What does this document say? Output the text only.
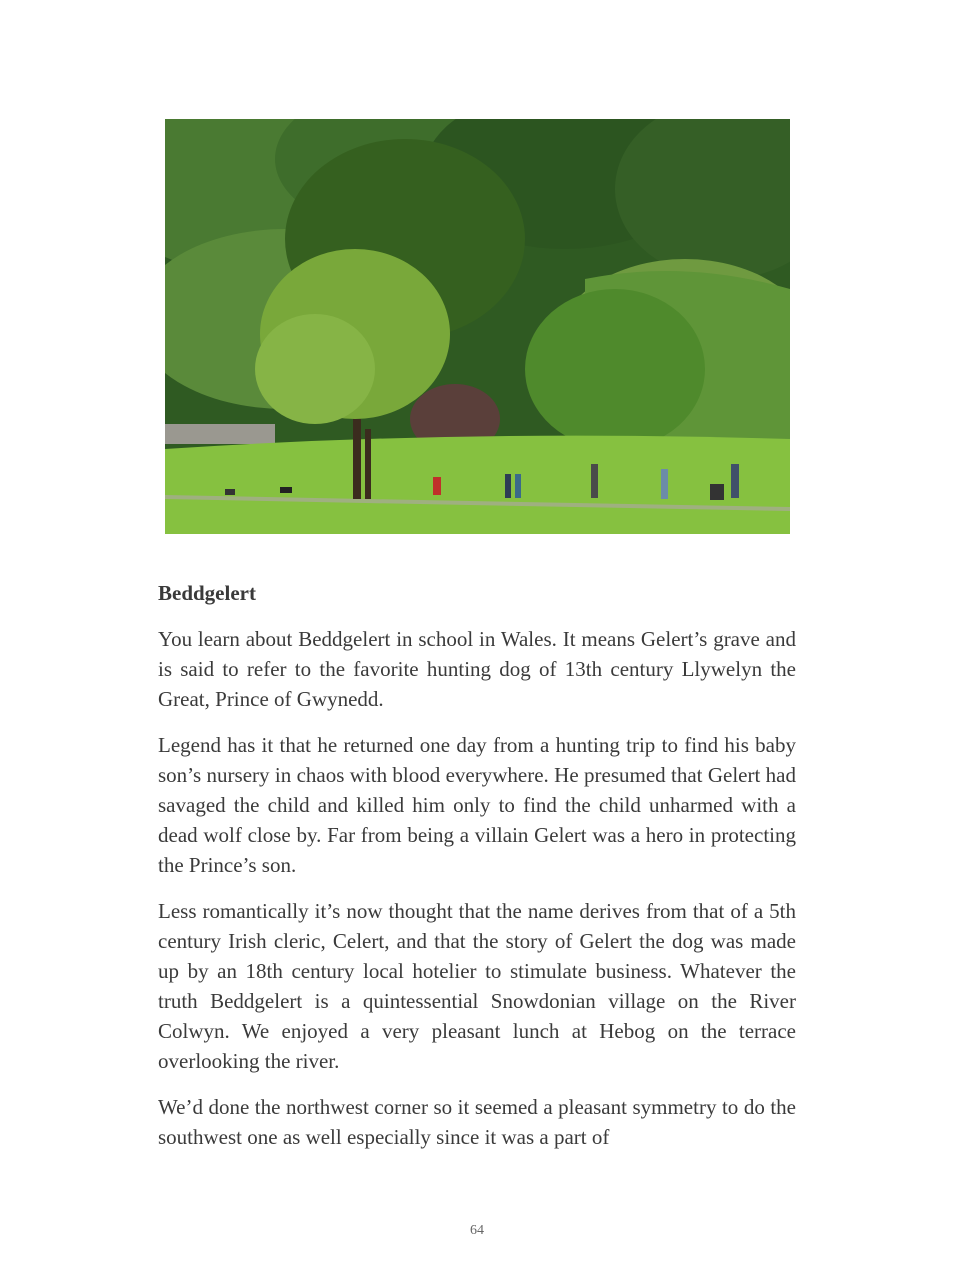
Beddgelert

You learn about Beddgelert in school in Wales. It means Gelert’s grave and is said to refer to the favorite hunting dog of 13th century Llywelyn the Great, Prince of Gwynedd.

Legend has it that he returned one day from a hunting trip to find his baby son’s nursery in chaos with blood everywhere. He presumed that Gelert had savaged the child and killed him only to find the child unharmed with a dead wolf close by. Far from being a villain Gelert was a hero in protecting the Prince’s son.

Less romantically it’s now thought that the name derives from that of a 5th century Irish cleric, Celert, and that the story of Gelert the dog was made up by an 18th century local hotelier to stimulate business. Whatever the truth Beddgelert is a quintessential Snowdonian village on the River Colwyn. We enjoyed a very pleasant lunch at Hebog on the terrace overlooking the river.

We’d done the northwest corner so it seemed a pleasant symmetry to do the southwest one as well especially since it was a part of

64
